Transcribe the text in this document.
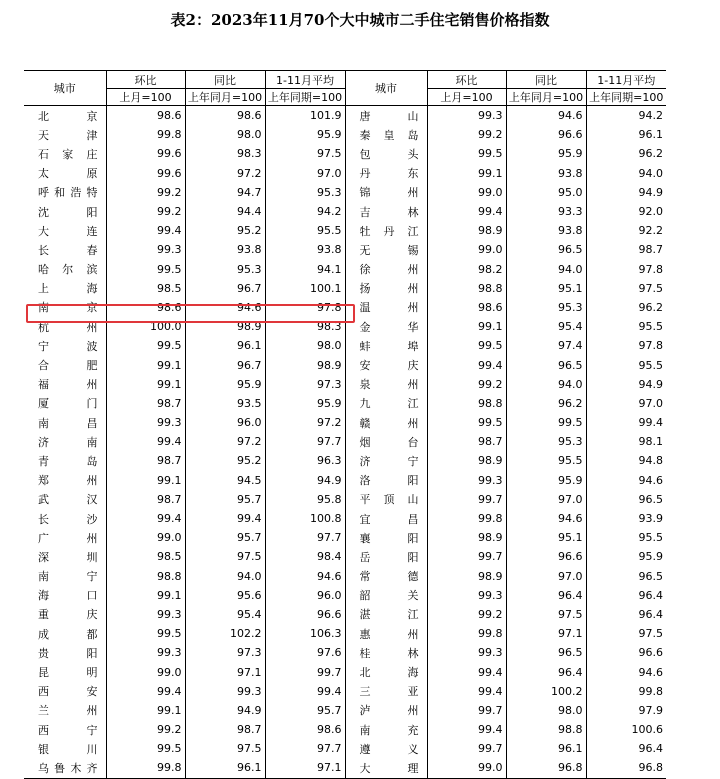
表2：2023年11月70个大中城市二手住宅销售价格指数
城市	环比	同比	1-11月平均	城市	环比	同比	1-11月平均
	上月=100	上年同月=100	上年同期=100		上月=100	上年同月=100	上年同期=100
北京	98.6	98.6	101.9	唐山	99.3	94.6	94.2
天津	99.8	98.0	95.9	秦皇岛	99.2	96.6	96.1
石家庄	99.6	98.3	97.5	包头	99.5	95.9	96.2
太原	99.6	97.2	97.0	丹东	99.1	93.8	94.0
呼和浩特	99.2	94.7	95.3	锦州	99.0	95.0	94.9
沈阳	99.2	94.4	94.2	吉林	99.4	93.3	92.0
大连	99.4	95.2	95.5	牡丹江	98.9	93.8	92.2
长春	99.3	93.8	93.8	无锡	99.0	96.5	98.7
哈尔滨	99.5	95.3	94.1	徐州	98.2	94.0	97.8
上海	98.5	96.7	100.1	扬州	98.8	95.1	97.5
南京	98.6	94.6	97.8	温州	98.6	95.3	96.2
杭州	100.0	98.9	98.3	金华	99.1	95.4	95.5
宁波	99.5	96.1	98.0	蚌埠	99.5	97.4	97.8
合肥	99.1	96.7	98.9	安庆	99.4	96.5	95.5
福州	99.1	95.9	97.3	泉州	99.2	94.0	94.9
厦门	98.7	93.5	95.9	九江	98.8	96.2	97.0
南昌	99.3	96.0	97.2	赣州	99.5	99.5	99.4
济南	99.4	97.2	97.7	烟台	98.7	95.3	98.1
青岛	98.7	95.2	96.3	济宁	98.9	95.5	94.8
郑州	99.1	94.5	94.9	洛阳	99.3	95.9	94.6
武汉	98.7	95.7	95.8	平顶山	99.7	97.0	96.5
长沙	99.4	99.4	100.8	宜昌	99.8	94.6	93.9
广州	99.0	95.7	97.7	襄阳	98.9	95.1	95.5
深圳	98.5	97.5	98.4	岳阳	99.7	96.6	95.9
南宁	98.8	94.0	94.6	常德	98.9	97.0	96.5
海口	99.1	95.6	96.0	韶关	99.3	96.4	96.4
重庆	99.3	95.4	96.6	湛江	99.2	97.5	96.4
成都	99.5	102.2	106.3	惠州	99.8	97.1	97.5
贵阳	99.3	97.3	97.6	桂林	99.3	96.5	96.6
昆明	99.0	97.1	99.7	北海	99.4	96.4	94.6
西安	99.4	99.3	99.4	三亚	99.4	100.2	99.8
兰州	99.1	94.9	95.7	泸州	99.7	98.0	97.9
西宁	99.2	98.7	98.6	南充	99.4	98.8	100.6
银川	99.5	97.5	97.7	遵义	99.7	96.1	96.4
乌鲁木齐	99.8	96.1	97.1	大理	99.0	96.8	96.8
